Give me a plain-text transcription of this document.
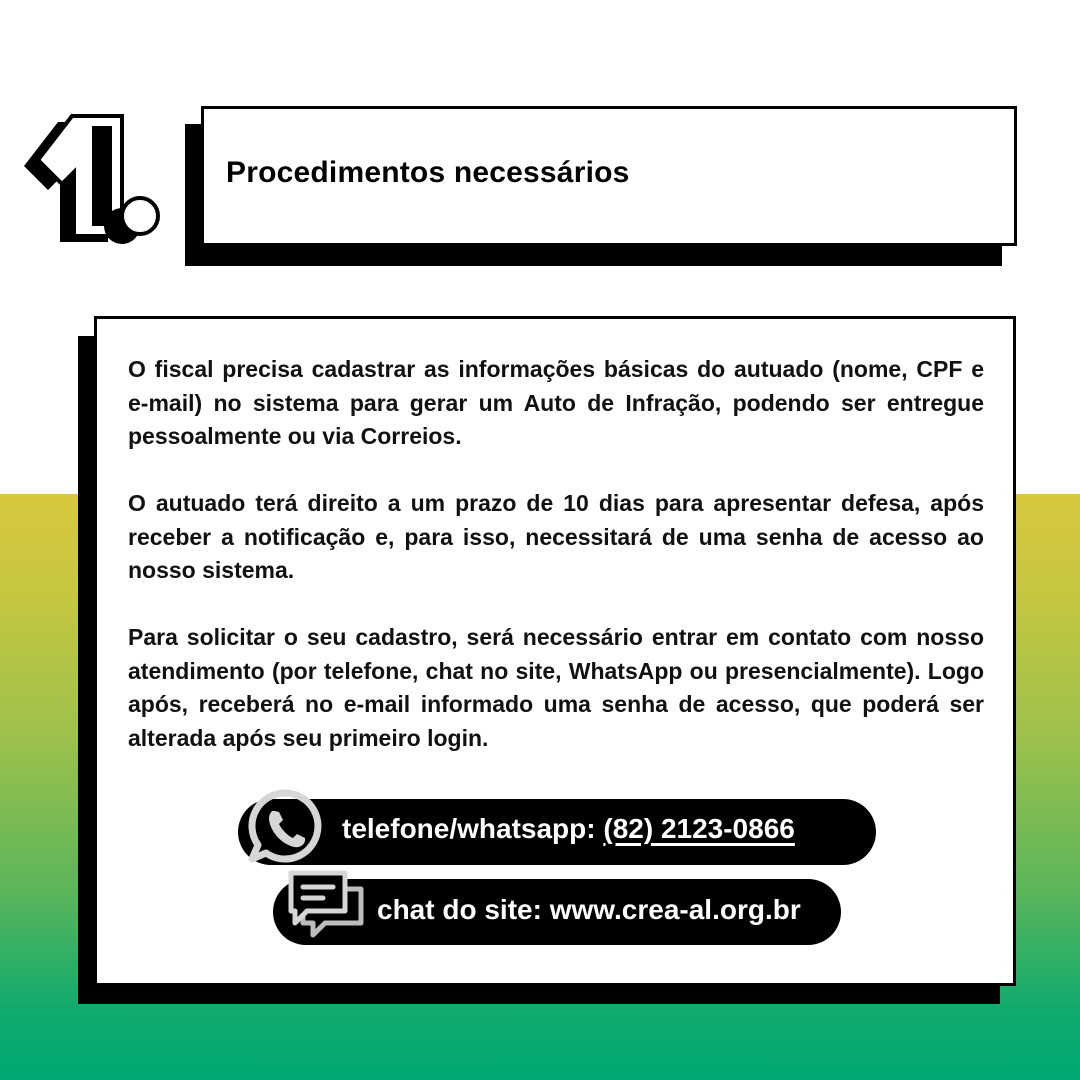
Procedimentos necessários

O fiscal precisa cadastrar as informações básicas do autuado (nome, CPF e e-mail) no sistema para gerar um Auto de Infração, podendo ser entregue pessoalmente ou via Correios.

O autuado terá direito a um prazo de 10 dias para apresentar defesa, após receber a notificação e, para isso, necessitará de uma senha de acesso ao nosso sistema.

Para solicitar o seu cadastro, será necessário entrar em contato com nosso atendimento (por telefone, chat no site, WhatsApp ou presencialmente). Logo após, receberá no e-mail informado uma senha de acesso, que poderá ser alterada após seu primeiro login.

telefone/whatsapp: (82) 2123-0866
chat do site: www.crea-al.org.br
